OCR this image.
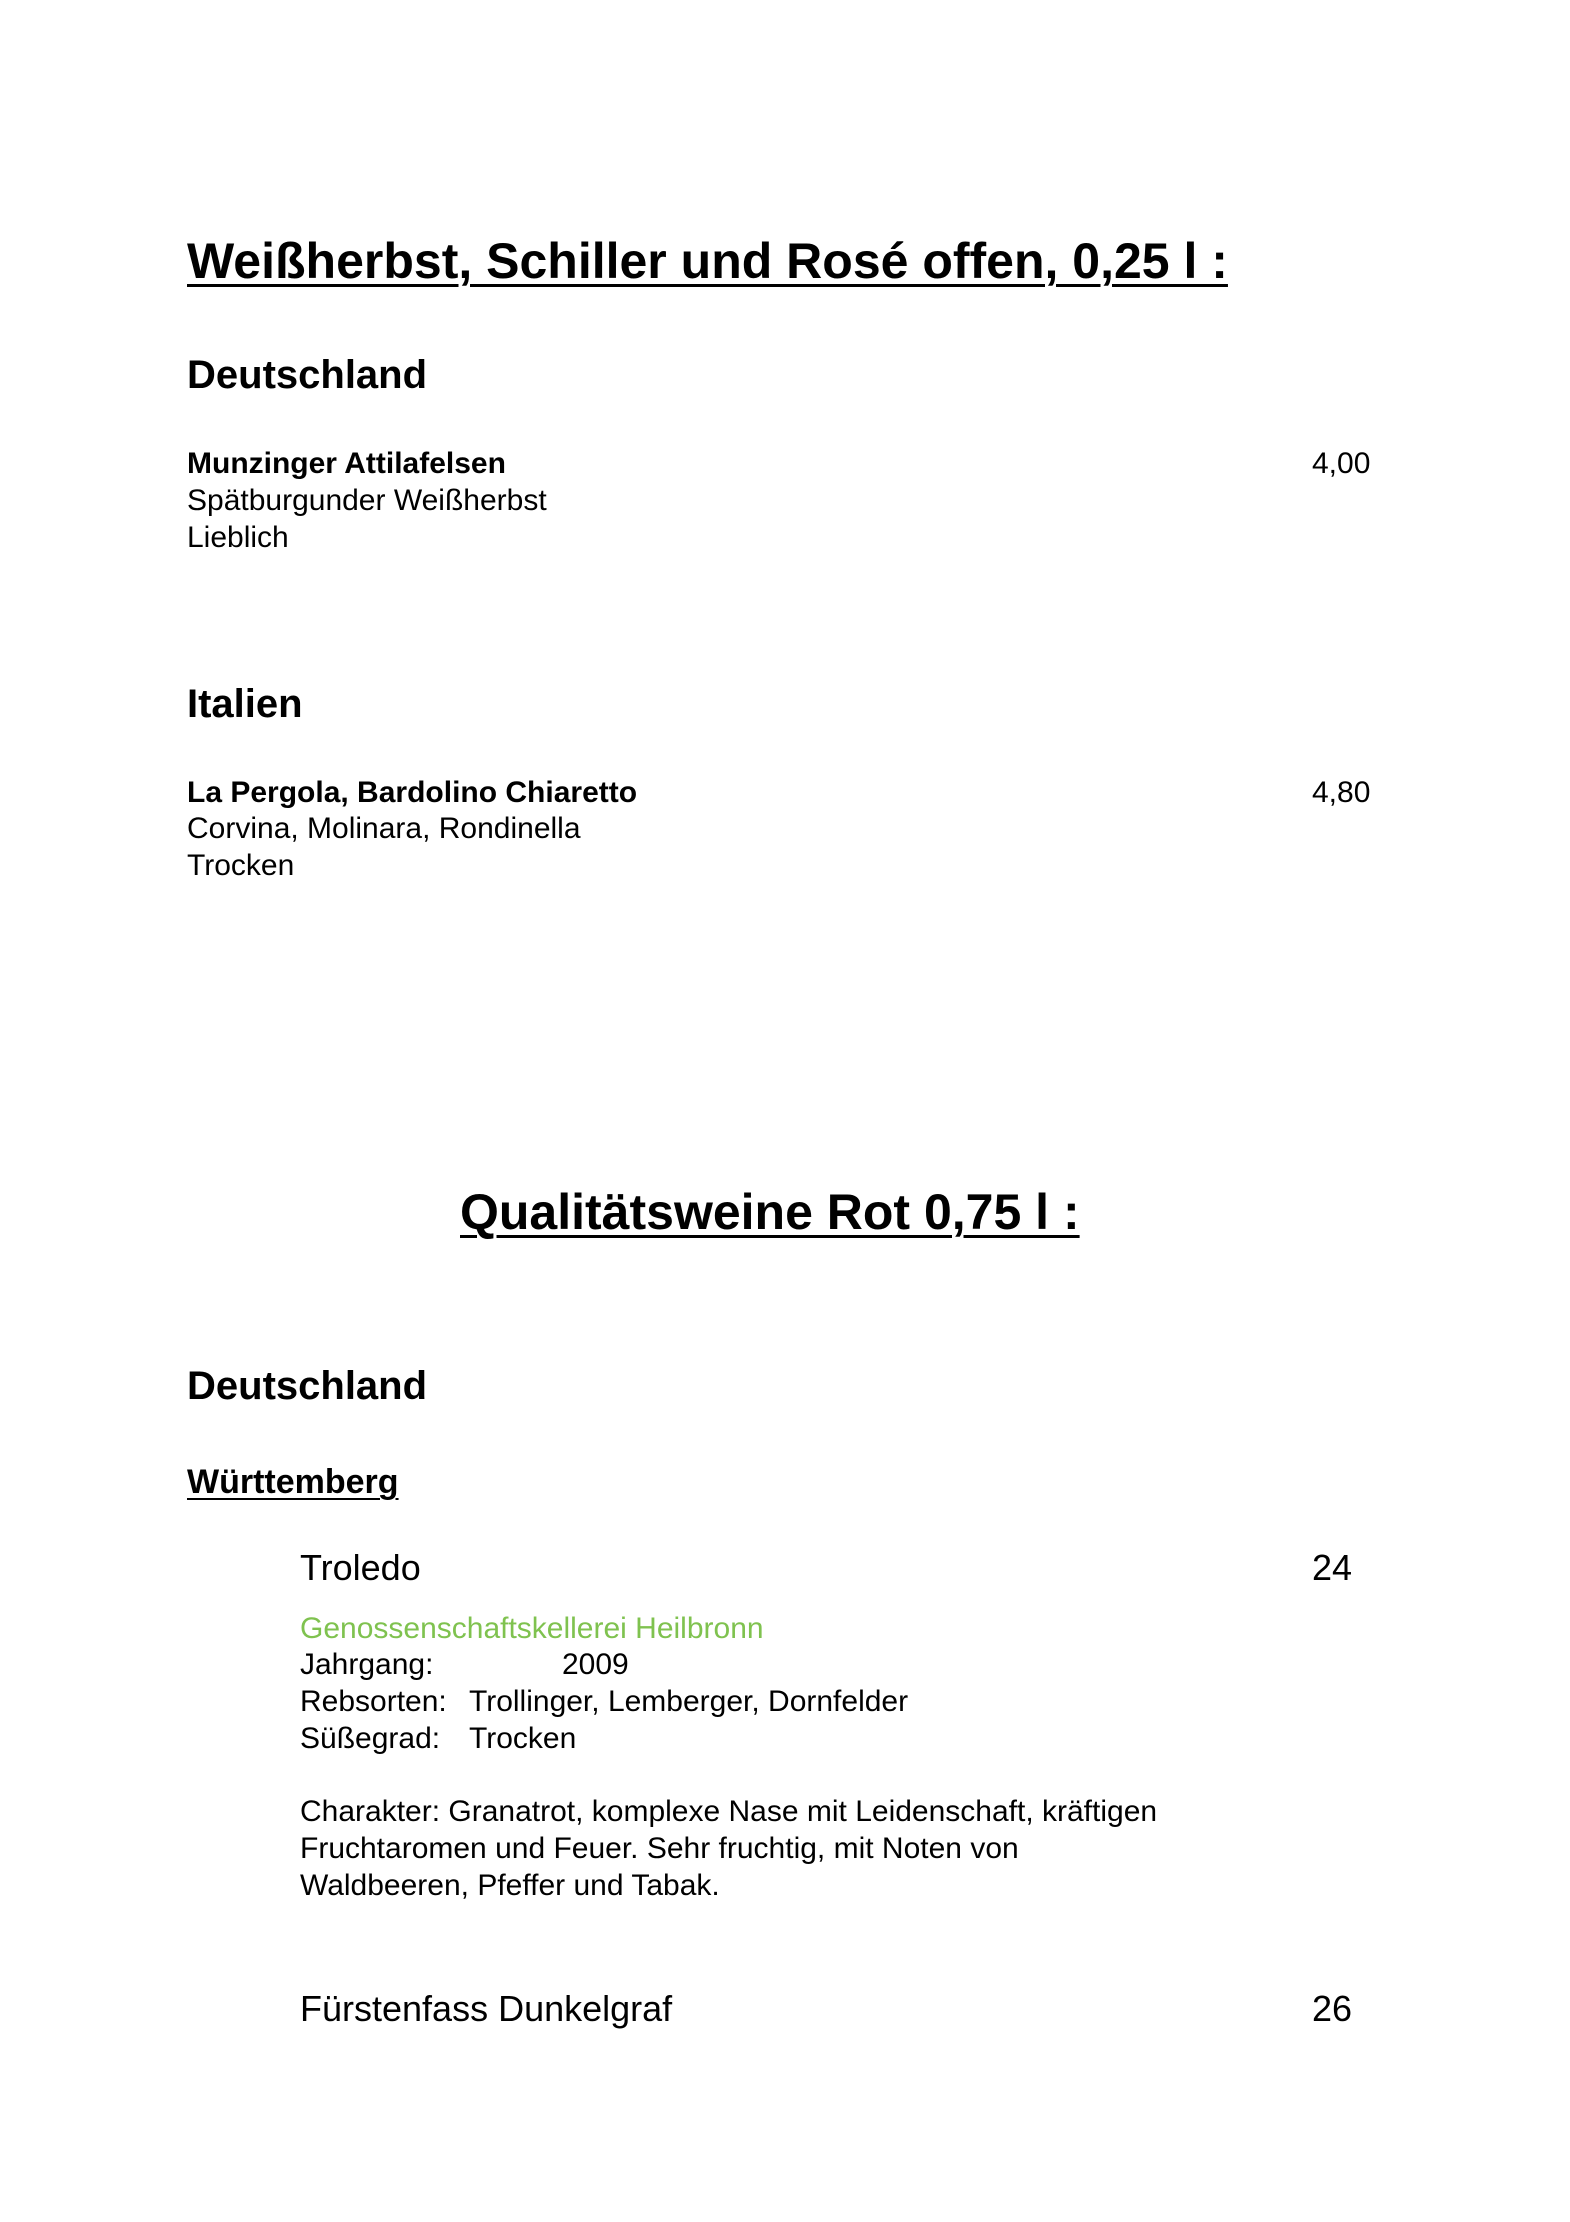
Weißherbst, Schiller und Rosé offen, 0,25 l :
Deutschland
Munzinger Attilafelsen	4,00
Spätburgunder Weißherbst
Lieblich
Italien
La Pergola, Bardolino Chiaretto	4,80
Corvina, Molinara, Rondinella
Trocken
Qualitätsweine Rot 0,75 l :
Deutschland
Württemberg
Troledo	24
Genossenschaftskellerei Heilbronn
Jahrgang:	2009
Rebsorten: Trollinger, Lemberger, Dornfelder
Süßegrad: Trocken
Charakter: Granatrot, komplexe Nase mit Leidenschaft, kräftigen
Fruchtaromen und Feuer. Sehr fruchtig, mit Noten von
Waldbeeren, Pfeffer und Tabak.
Fürstenfass Dunkelgraf	26
